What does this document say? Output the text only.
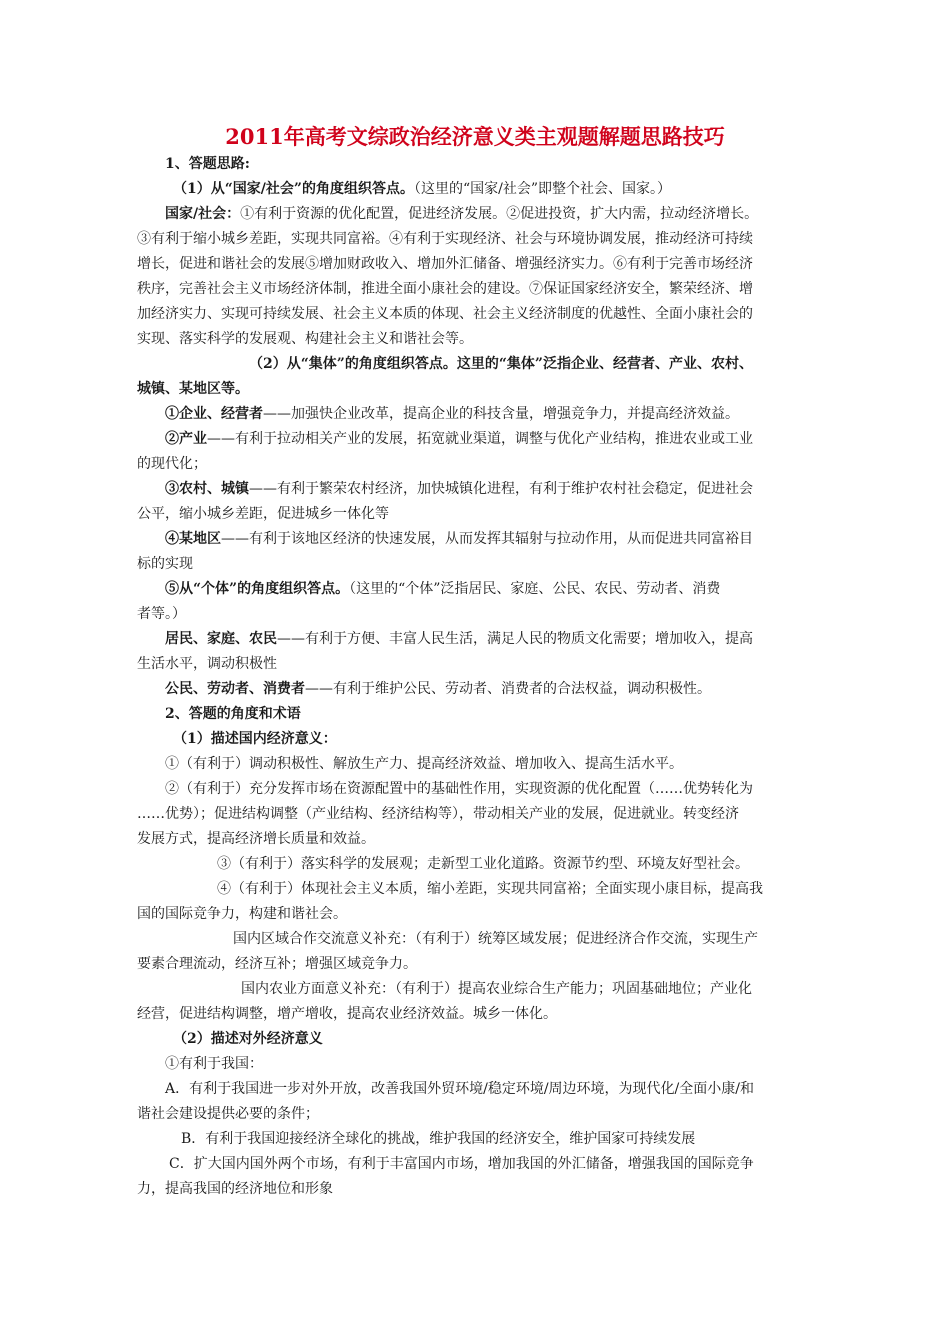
2011年高考文综政治经济意义类主观题解题思路技巧
1、答题思路:
（1）从“国家/社会”的角度组织答点。（这里的“国家/社会”即整个社会、国家。）
国家/社会：①有利于资源的优化配置，促进经济发展。②促进投资，扩大内需，拉动经济增长。
③有利于缩小城乡差距，实现共同富裕。④有利于实现经济、社会与环境协调发展，推动经济可持续
增长，促进和谐社会的发展⑤增加财政收入、增加外汇储备、增强经济实力。⑥有利于完善市场经济
秩序，完善社会主义市场经济体制，推进全面小康社会的建设。⑦保证国家经济安全，繁荣经济、增
加经济实力、实现可持续发展、社会主义本质的体现、社会主义经济制度的优越性、全面小康社会的
实现、落实科学的发展观、构建社会主义和谐社会等。
（2）从“集体”的角度组织答点。这里的“集体”泛指企业、经营者、产业、农村、
城镇、某地区等。
①企业、经营者——加强快企业改革，提高企业的科技含量，增强竞争力，并提高经济效益。
②产业——有利于拉动相关产业的发展，拓宽就业渠道，调整与优化产业结构，推进农业或工业
的现代化；
③农村、城镇——有利于繁荣农村经济，加快城镇化进程，有利于维护农村社会稳定，促进社会
公平，缩小城乡差距，促进城乡一体化等
④某地区——有利于该地区经济的快速发展，从而发挥其辐射与拉动作用，从而促进共同富裕目
标的实现
⑤从“个体”的角度组织答点。（这里的“个体”泛指居民、家庭、公民、农民、劳动者、消费
者等。）
居民、家庭、农民——有利于方便、丰富人民生活，满足人民的物质文化需要；增加收入，提高
生活水平，调动积极性
公民、劳动者、消费者——有利于维护公民、劳动者、消费者的合法权益，调动积极性。
2、答题的角度和术语
（1）描述国内经济意义：
①（有利于）调动积极性、解放生产力、提高经济效益、增加收入、提高生活水平。
②（有利于）充分发挥市场在资源配置中的基础性作用，实现资源的优化配置（……优势转化为
……优势）；促进结构调整（产业结构、经济结构等），带动相关产业的发展，促进就业。转变经济
发展方式，提高经济增长质量和效益。
③（有利于）落实科学的发展观；走新型工业化道路。资源节约型、环境友好型社会。
④（有利于）体现社会主义本质，缩小差距，实现共同富裕；全面实现小康目标，提高我
国的国际竞争力，构建和谐社会。
国内区域合作交流意义补充：（有利于）统筹区域发展；促进经济合作交流，实现生产
要素合理流动，经济互补；增强区域竞争力。
国内农业方面意义补充：（有利于）提高农业综合生产能力；巩固基础地位；产业化
经营，促进结构调整，增产增收，提高农业经济效益。城乡一体化。
（2）描述对外经济意义
①有利于我国：
A．有利于我国进一步对外开放，改善我国外贸环境/稳定环境/周边环境，为现代化/全面小康/和
谐社会建设提供必要的条件；
B．有利于我国迎接经济全球化的挑战，维护我国的经济安全，维护国家可持续发展
C．扩大国内国外两个市场，有利于丰富国内市场，增加我国的外汇储备，增强我国的国际竞争
力，提高我国的经济地位和形象
